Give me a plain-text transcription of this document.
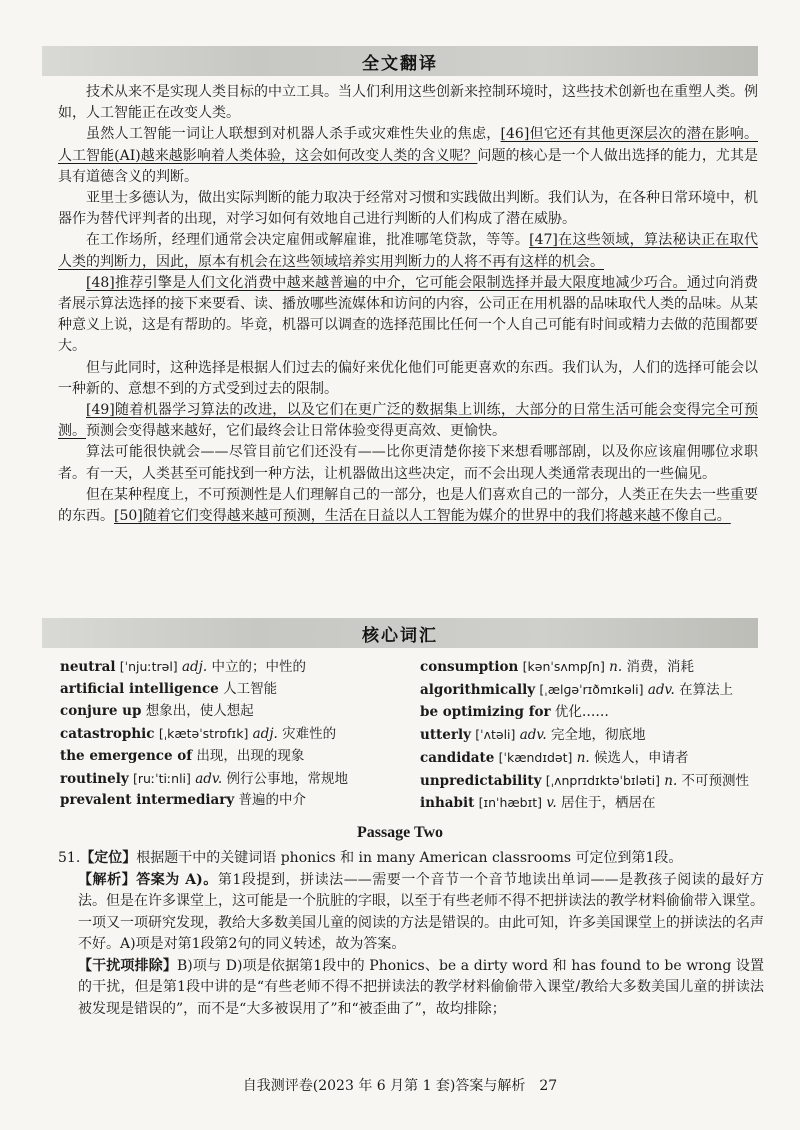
全文翻译

技术从来不是实现人类目标的中立工具。当人们利用这些创新来控制环境时，这些技术创新也在重塑人类。例如，人工智能正在改变人类。

虽然人工智能一词让人联想到对机器人杀手或灾难性失业的焦虑，[46]但它还有其他更深层次的潜在影响。人工智能(AI)越来越影响着人类体验，这会如何改变人类的含义呢？问题的核心是一个人做出选择的能力，尤其是具有道德含义的判断。

亚里士多德认为，做出实际判断的能力取决于经常对习惯和实践做出判断。我们认为，在各种日常环境中，机器作为替代评判者的出现，对学习如何有效地自己进行判断的人们构成了潜在威胁。

在工作场所，经理们通常会决定雇佣或解雇谁，批准哪笔贷款，等等。[47]在这些领域，算法秘诀正在取代人类的判断力，因此，原本有机会在这些领域培养实用判断力的人将不再有这样的机会。

[48]推荐引擎是人们文化消费中越来越普遍的中介，它可能会限制选择并最大限度地减少巧合。通过向消费者展示算法选择的接下来要看、读、播放哪些流媒体和访问的内容，公司正在用机器的品味取代人类的品味。从某种意义上说，这是有帮助的。毕竟，机器可以调查的选择范围比任何一个人自己可能有时间或精力去做的范围都要大。

但与此同时，这种选择是根据人们过去的偏好来优化他们可能更喜欢的东西。我们认为，人们的选择可能会以一种新的、意想不到的方式受到过去的限制。

[49]随着机器学习算法的改进，以及它们在更广泛的数据集上训练，大部分的日常生活可能会变得完全可预测。预测会变得越来越好，它们最终会让日常体验变得更高效、更愉快。

算法可能很快就会——尽管目前它们还没有——比你更清楚你接下来想看哪部剧，以及你应该雇佣哪位求职者。有一天，人类甚至可能找到一种方法，让机器做出这些决定，而不会出现人类通常表现出的一些偏见。

但在某种程度上，不可预测性是人们理解自己的一部分，也是人们喜欢自己的一部分，人类正在失去一些重要的东西。[50]随着它们变得越来越可预测，生活在日益以人工智能为媒介的世界中的我们将越来越不像自己。

核心词汇
neutral [ˈnjuːtrəl] adj. 中立的；中性的
artificial intelligence 人工智能
conjure up 想象出，使人想起
catastrophic [ˌkætəˈstrɒfɪk] adj. 灾难性的
the emergence of 出现，出现的现象
routinely [ruːˈtiːnli] adv. 例行公事地，常规地
prevalent intermediary 普遍的中介
consumption [kənˈsʌmpʃn] n. 消费，消耗
algorithmically [ˌælɡəˈrɪðmɪkəli] adv. 在算法上
be optimizing for 优化……
utterly [ˈʌtəli] adv. 完全地，彻底地
candidate [ˈkændɪdət] n. 候选人，申请者
unpredictability [ˌʌnprɪdɪktəˈbɪləti] n. 不可预测性
inhabit [ɪnˈhæbɪt] v. 居住于，栖居在
Passage Two

51.【定位】根据题干中的关键词语 phonics 和 in many American classrooms 可定位到第1段。

【解析】答案为 A)。第1段提到，拼读法——需要一个音节一个音节地读出单词——是教孩子阅读的最好方法。但是在许多课堂上，这可能是一个肮脏的字眼，以至于有些老师不得不把拼读法的教学材料偷偷带入课堂。一项又一项研究发现，教给大多数美国儿童的阅读的方法是错误的。由此可知，许多美国课堂上的拼读法的名声不好。A)项是对第1段第2句的同义转述，故为答案。

【干扰项排除】B)项与 D)项是依据第1段中的 Phonics、be a dirty word 和 has found to be wrong 设置的干扰，但是第1段中讲的是“有些老师不得不把拼读法的教学材料偷偷带入课堂/教给大多数美国儿童的拼读法被发现是错误的”，而不是“大多被误用了”和“被歪曲了”，故均排除；

自我测评卷(2023 年 6 月第 1 套)答案与解析　27
